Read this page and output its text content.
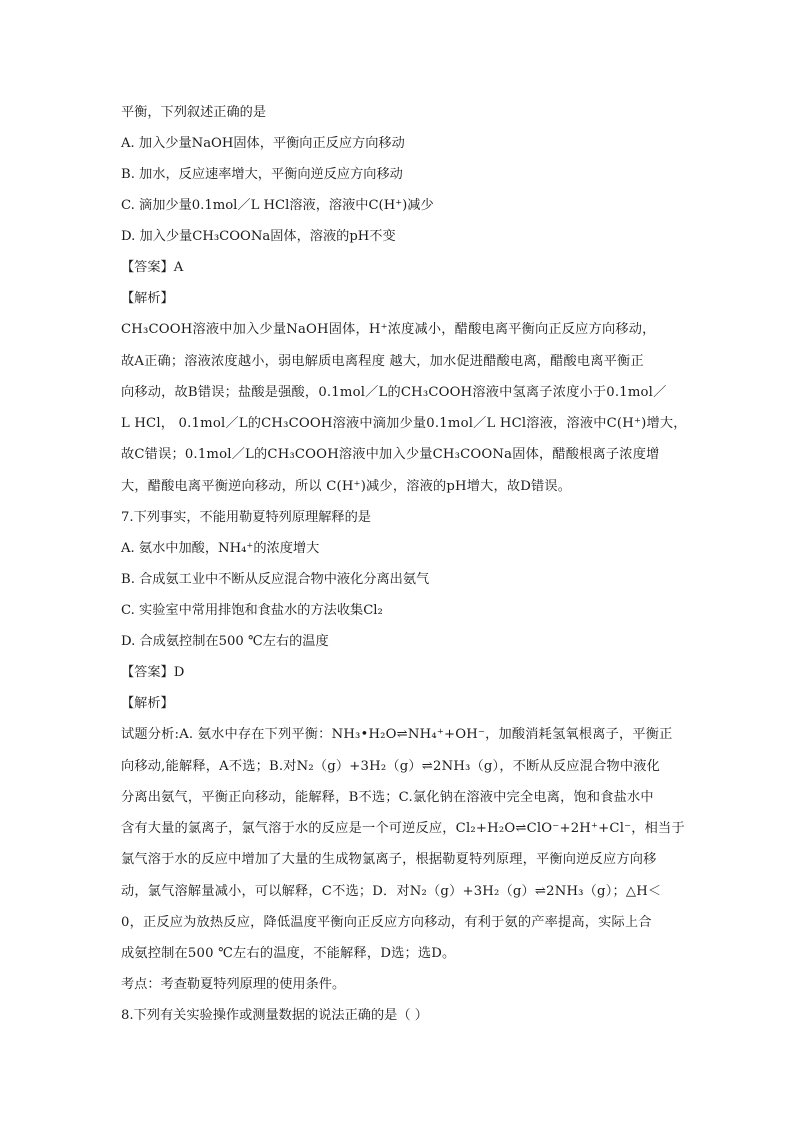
平衡，下列叙述正确的是
A. 加入少量NaOH固体，平衡向正反应方向移动
B. 加水，反应速率增大，平衡向逆反应方向移动
C. 滴加少量0.1mol／L HCl溶液，溶液中C(H⁺)减少
D. 加入少量CH₃COONa固体，溶液的pH不变
【答案】A
【解析】
CH₃COOH溶液中加入少量NaOH固体，H⁺浓度减小，醋酸电离平衡向正反应方向移动，
故A正确；溶液浓度越小，弱电解质电离程度 越大，加水促进醋酸电离，醋酸电离平衡正
向移动，故B错误；盐酸是强酸，0.1mol／L的CH₃COOH溶液中氢离子浓度小于0.1mol／
L HCl， 0.1mol／L的CH₃COOH溶液中滴加少量0.1mol／L HCl溶液，溶液中C(H⁺)增大，
故C错误；0.1mol／L的CH₃COOH溶液中加入少量CH₃COONa固体，醋酸根离子浓度增
大，醋酸电离平衡逆向移动，所以 C(H⁺)减少，溶液的pH增大，故D错误。
7.下列事实，不能用勒夏特列原理解释的是
A. 氨水中加酸，NH₄⁺的浓度增大
B. 合成氨工业中不断从反应混合物中液化分离出氨气
C. 实验室中常用排饱和食盐水的方法收集Cl₂
D. 合成氨控制在500 ℃左右的温度
【答案】D
【解析】
试题分析:A. 氨水中存在下列平衡：NH₃•H₂O⇌NH₄⁺+OH⁻，加酸消耗氢氧根离子，平衡正
向移动,能解释，A不选；B.对N₂（g）+3H₂（g）⇌2NH₃（g），不断从反应混合物中液化
分离出氨气，平衡正向移动，能解释，B不选；C.氯化钠在溶液中完全电离，饱和食盐水中
含有大量的氯离子，氯气溶于水的反应是一个可逆反应，Cl₂+H₂O⇌ClO⁻+2H⁺+Cl⁻，相当于
氯气溶于水的反应中增加了大量的生成物氯离子，根据勒夏特列原理，平衡向逆反应方向移
动，氯气溶解量减小，可以解释，C不选；D．对N₂（g）+3H₂（g）⇌2NH₃（g）；△H＜
0，正反应为放热反应，降低温度平衡向正反应方向移动，有利于氨的产率提高，实际上合
成氨控制在500 ℃左右的温度，不能解释，D选；选D。
考点：考查勒夏特列原理的使用条件。
8.下列有关实验操作或测量数据的说法正确的是（ ）
